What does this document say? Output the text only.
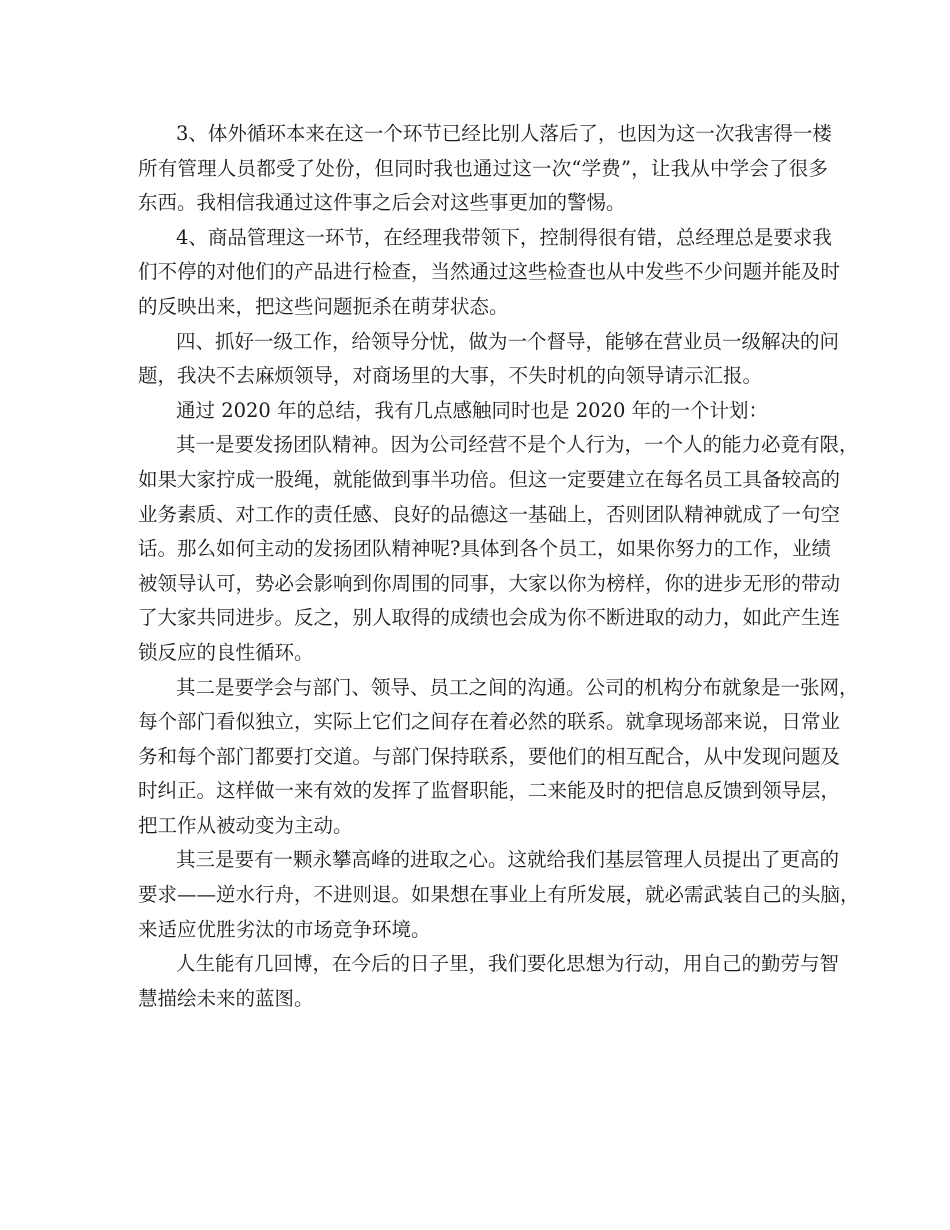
3、体外循环本来在这一个环节已经比别人落后了，也因为这一次我害得一楼
所有管理人员都受了处份，但同时我也通过这一次“学费”，让我从中学会了很多
东西。我相信我通过这件事之后会对这些事更加的警惕。
4、商品管理这一环节，在经理我带领下，控制得很有错，总经理总是要求我
们不停的对他们的产品进行检查，当然通过这些检查也从中发些不少问题并能及时
的反映出来，把这些问题扼杀在萌芽状态。
四、抓好一级工作，给领导分忧，做为一个督导，能够在营业员一级解决的问
题，我决不去麻烦领导，对商场里的大事，不失时机的向领导请示汇报。
通过 2020 年的总结，我有几点感触同时也是 2020 年的一个计划：
其一是要发扬团队精神。因为公司经营不是个人行为，一个人的能力必竟有限，
如果大家拧成一股绳，就能做到事半功倍。但这一定要建立在每名员工具备较高的
业务素质、对工作的责任感、良好的品德这一基础上，否则团队精神就成了一句空
话。那么如何主动的发扬团队精神呢?具体到各个员工，如果你努力的工作，业绩
被领导认可，势必会影响到你周围的同事，大家以你为榜样，你的进步无形的带动
了大家共同进步。反之，别人取得的成绩也会成为你不断进取的动力，如此产生连
锁反应的良性循环。
其二是要学会与部门、领导、员工之间的沟通。公司的机构分布就象是一张网，
每个部门看似独立，实际上它们之间存在着必然的联系。就拿现场部来说，日常业
务和每个部门都要打交道。与部门保持联系，要他们的相互配合，从中发现问题及
时纠正。这样做一来有效的发挥了监督职能，二来能及时的把信息反馈到领导层，
把工作从被动变为主动。
其三是要有一颗永攀高峰的进取之心。这就给我们基层管理人员提出了更高的
要求——逆水行舟，不进则退。如果想在事业上有所发展，就必需武装自己的头脑，
来适应优胜劣汰的市场竞争环境。
人生能有几回博，在今后的日子里，我们要化思想为行动，用自己的勤劳与智
慧描绘未来的蓝图。
